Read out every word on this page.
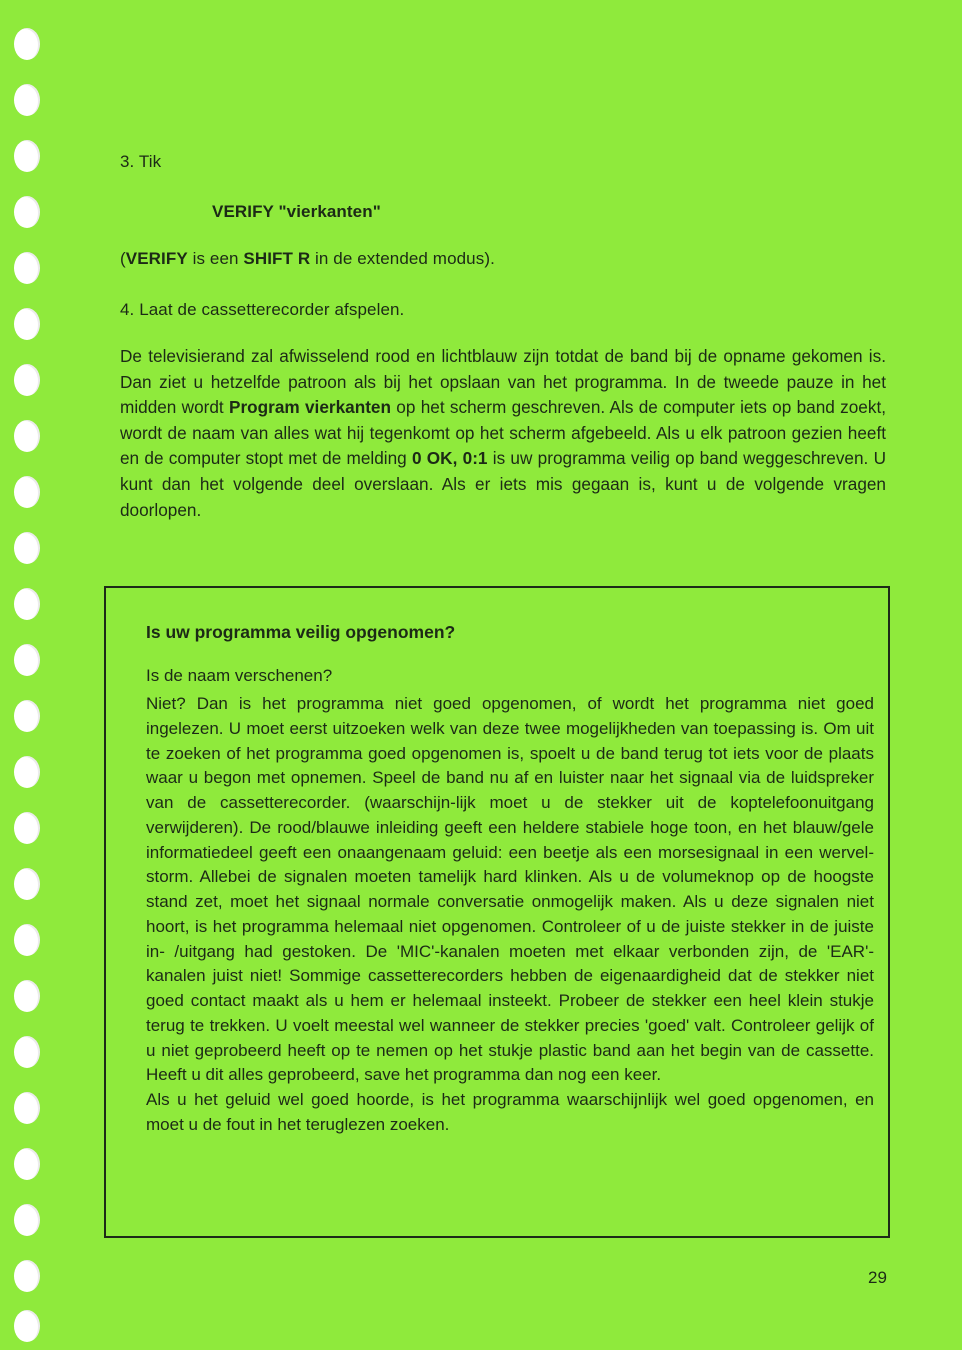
3. Tik
VERIFY "vierkanten"
(VERIFY is een SHIFT R in de extended modus).
4. Laat de cassetterecorder afspelen.
De televisierand zal afwisselend rood en lichtblauw zijn totdat de band bij de opname gekomen is. Dan ziet u hetzelfde patroon als bij het opslaan van het programma. In de tweede pauze in het midden wordt Program vierkanten op het scherm geschreven. Als de computer iets op band zoekt, wordt de naam van alles wat hij tegenkomt op het scherm afgebeeld. Als u elk patroon gezien heeft en de computer stopt met de melding 0 OK, 0:1 is uw programma veilig op band weggeschreven. U kunt dan het volgende deel overslaan. Als er iets mis gegaan is, kunt u de volgende vragen doorlopen.
Is uw programma veilig opgenomen?
Is de naam verschenen?
Niet? Dan is het programma niet goed opgenomen, of wordt het programma niet goed ingelezen. U moet eerst uitzoeken welk van deze twee mogelijkheden van toepassing is. Om uit te zoeken of het programma goed opgenomen is, spoelt u de band terug tot iets voor de plaats waar u begon met opnemen. Speel de band nu af en luister naar het signaal via de luidspreker van de cassetterecorder. (waarschijn-lijk moet u de stekker uit de koptelefoonuitgang verwijderen). De rood/blauwe inleiding geeft een heldere stabiele hoge toon, en het blauw/gele informatiedeel geeft een onaangenaam geluid: een beetje als een morsesignaal in een wervel-storm. Allebei de signalen moeten tamelijk hard klinken. Als u de volumeknop op de hoogste stand zet, moet het signaal normale conversatie onmogelijk maken. Als u deze signalen niet hoort, is het programma helemaal niet opgenomen. Controleer of u de juiste stekker in de juiste in- /uitgang had gestoken. De 'MIC'-kanalen moeten met elkaar verbonden zijn, de 'EAR'-kanalen juist niet! Sommige cassetterecorders hebben de eigenaardigheid dat de stekker niet goed contact maakt als u hem er helemaal insteekt. Probeer de stekker een heel klein stukje terug te trekken. U voelt meestal wel wanneer de stekker precies 'goed' valt. Controleer gelijk of u niet geprobeerd heeft op te nemen op het stukje plastic band aan het begin van de cassette. Heeft u dit alles geprobeerd, save het programma dan nog een keer.
Als u het geluid wel goed hoorde, is het programma waarschijnlijk wel goed opgenomen, en moet u de fout in het teruglezen zoeken.
29
